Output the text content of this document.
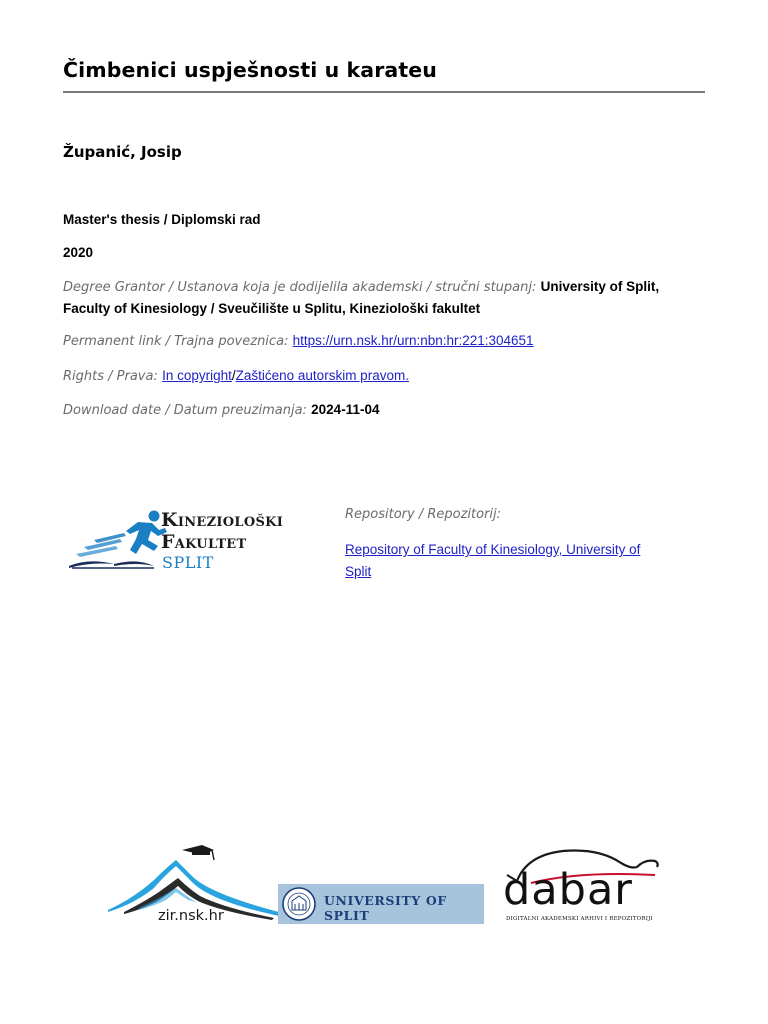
Čimbenici uspješnosti u karateu
Županić, Josip
Master's thesis / Diplomski rad
2020
Degree Grantor / Ustanova koja je dodijelila akademski / stručni stupanj: University of Split, Faculty of Kinesiology / Sveučilište u Splitu, Kineziološki fakultet
Permanent link / Trajna poveznica: https://urn.nsk.hr/urn:nbn:hr:221:304651
Rights / Prava: In copyright/Zaštićeno autorskim pravom.
Download date / Datum preuzimanja: 2024-11-04
Kineziološki
Fakultet
SPLIT
Repository / Repozitorij:
Repository of Faculty of Kinesiology, University of Split
zir.nsk.hr
UNIVERSITY OF SPLIT
dabar
DIGITALNI AKADEMSKI ARHIVI I REPOZITORIJI
